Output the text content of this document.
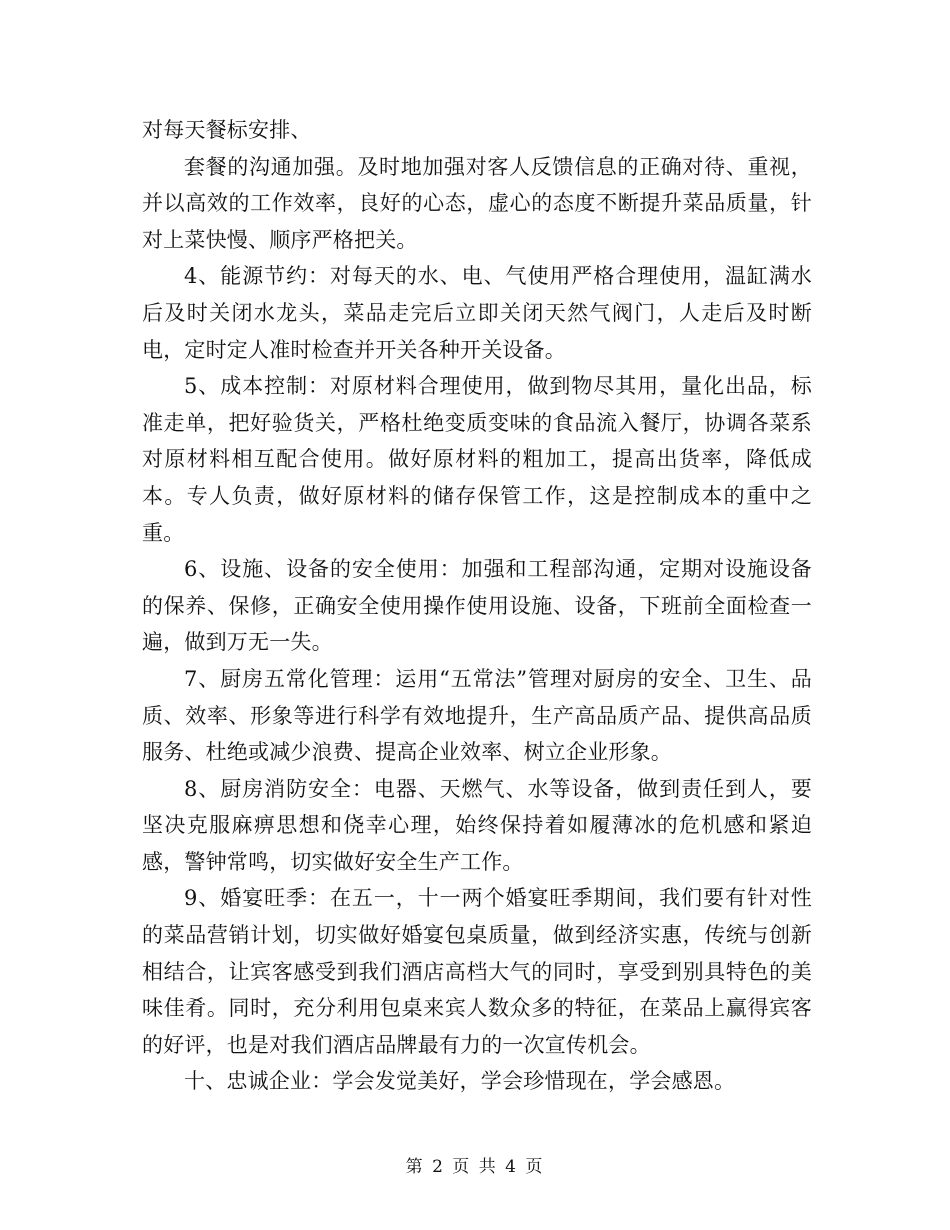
对每天餐标安排、

套餐的沟通加强。及时地加强对客人反馈信息的正确对待、重视，并以高效的工作效率，良好的心态，虚心的态度不断提升菜品质量，针对上菜快慢、顺序严格把关。

4、能源节约：对每天的水、电、气使用严格合理使用，温缸满水后及时关闭水龙头，菜品走完后立即关闭天然气阀门，人走后及时断电，定时定人准时检查并开关各种开关设备。

5、成本控制：对原材料合理使用，做到物尽其用，量化出品，标准走单，把好验货关，严格杜绝变质变味的食品流入餐厅，协调各菜系对原材料相互配合使用。做好原材料的粗加工，提高出货率，降低成本。专人负责，做好原材料的储存保管工作，这是控制成本的重中之重。

6、设施、设备的安全使用：加强和工程部沟通，定期对设施设备的保养、保修，正确安全使用操作使用设施、设备，下班前全面检查一遍，做到万无一失。

7、厨房五常化管理：运用“五常法”管理对厨房的安全、卫生、品质、效率、形象等进行科学有效地提升，生产高品质产品、提供高品质服务、杜绝或减少浪费、提高企业效率、树立企业形象。

8、厨房消防安全：电器、天燃气、水等设备，做到责任到人，要坚决克服麻痹思想和侥幸心理，始终保持着如履薄冰的危机感和紧迫感，警钟常鸣，切实做好安全生产工作。

9、婚宴旺季：在五一，十一两个婚宴旺季期间，我们要有针对性的菜品营销计划，切实做好婚宴包桌质量，做到经济实惠，传统与创新相结合，让宾客感受到我们酒店高档大气的同时，享受到别具特色的美味佳肴。同时，充分利用包桌来宾人数众多的特征，在菜品上赢得宾客的好评，也是对我们酒店品牌最有力的一次宣传机会。

十、忠诚企业：学会发觉美好，学会珍惜现在，学会感恩。

第 2 页 共 4 页
